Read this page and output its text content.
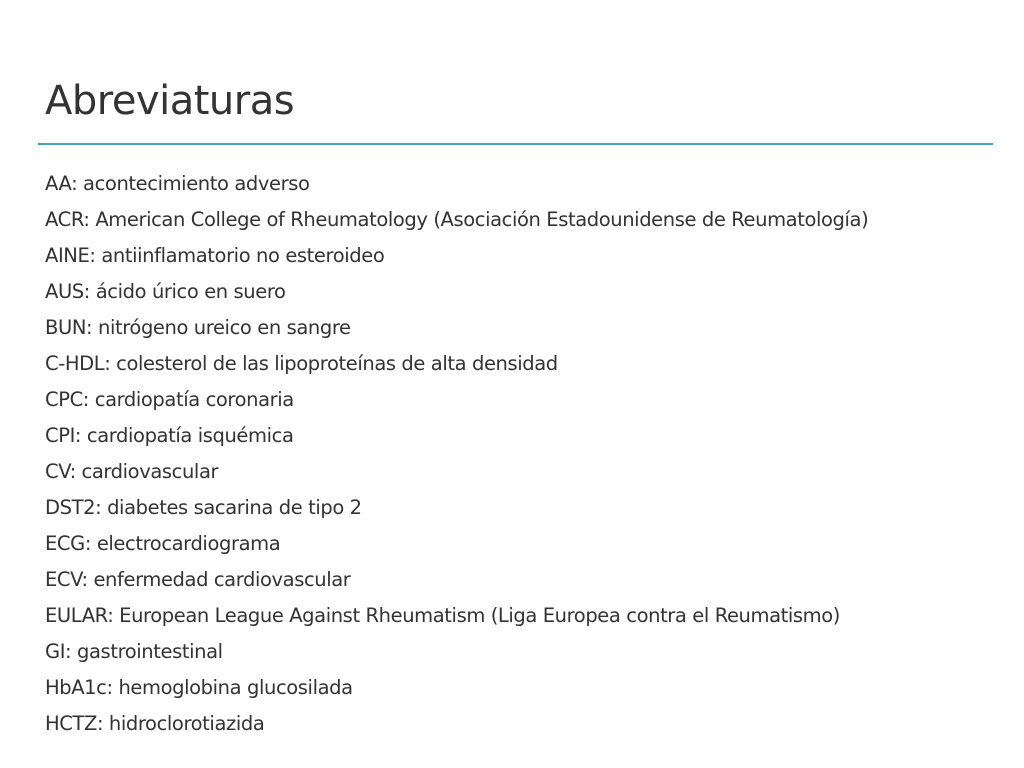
Abreviaturas
AA: acontecimiento adverso
ACR: American College of Rheumatology (Asociación Estadounidense de Reumatología)
AINE: antiinflamatorio no esteroideo
AUS: ácido úrico en suero
BUN: nitrógeno ureico en sangre
C-HDL: colesterol de las lipoproteínas de alta densidad
CPC: cardiopatía coronaria
CPI: cardiopatía isquémica
CV: cardiovascular
DST2: diabetes sacarina de tipo 2
ECG: electrocardiograma
ECV: enfermedad cardiovascular
EULAR: European League Against Rheumatism (Liga Europea contra el Reumatismo)
GI: gastrointestinal
HbA1c: hemoglobina glucosilada
HCTZ: hidroclorotiazida
